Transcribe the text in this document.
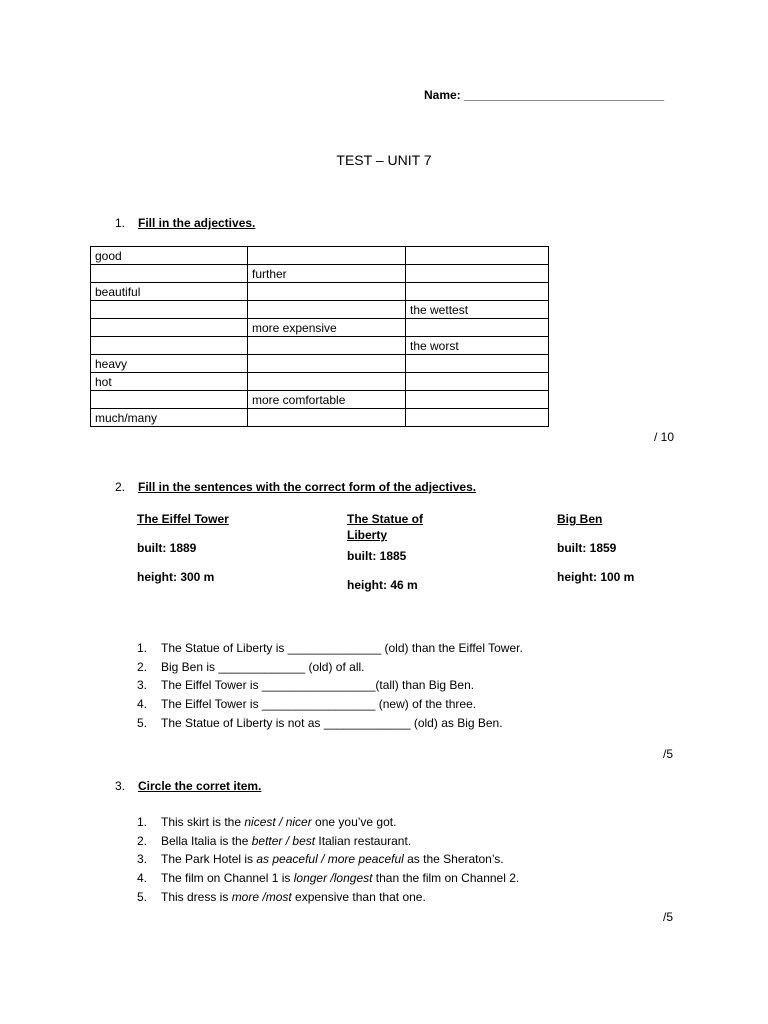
Name: ______________________________
TEST – UNIT 7
1. Fill in the adjectives.
good		
	further	
beautiful		
		the wettest
	more expensive	
		the worst
heavy		
hot		
	more comfortable	
much/many		
/ 10
2. Fill in the sentences with the correct form of the adjectives.
The Eiffel Tower
built: 1889
height: 300 m
The Statue of Liberty
built: 1885
height: 46 m
Big Ben
built: 1859
height: 100 m
1. The Statue of Liberty is ______________ (old) than the Eiffel Tower.
2. Big Ben is _____________ (old) of all.
3. The Eiffel Tower is _________________(tall) than Big Ben.
4. The Eiffel Tower is _________________ (new) of the three.
5. The Statue of Liberty is not as _____________ (old) as Big Ben.
/5
3. Circle the corret item.
1. This skirt is the nicest / nicer one you’ve got.
2. Bella Italia is the better / best Italian restaurant.
3. The Park Hotel is as peaceful / more peaceful as the Sheraton’s.
4. The film on Channel 1 is longer /longest than the film on Channel 2.
5. This dress is more /most expensive than that one.
/5
